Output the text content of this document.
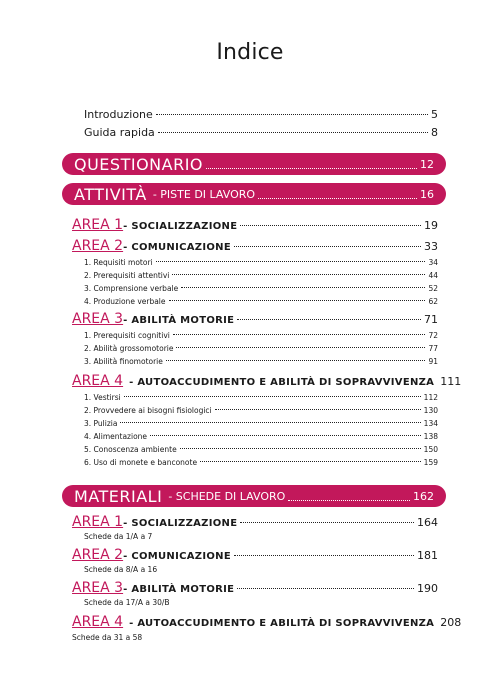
Indice
Introduzione	5
Guida rapida	8
QUESTIONARIO	12
ATTIVITÀ - PISTE DI LAVORO	16
AREA 1 - SOCIALIZZAZIONE	19
AREA 2 - COMUNICAZIONE	33
1. Requisiti motori	34
2. Prerequisiti attentivi	44
3. Comprensione verbale	52
4. Produzione verbale	62
AREA 3 - ABILITÀ MOTORIE	71
1. Prerequisiti cognitivi	72
2. Abilità grossomotorie	77
3. Abilità finomotorie	91
AREA 4 - AUTOACCUDIMENTO E ABILITÀ DI SOPRAVVIVENZA 111
1. Vestirsi	112
2. Provvedere ai bisogni fisiologici	130
3. Pulizia	134
4. Alimentazione	138
5. Conoscenza ambiente	150
6. Uso di monete e banconote	159
MATERIALI - SCHEDE DI LAVORO	162
AREA 1 - SOCIALIZZAZIONE	164
Schede da 1/A a 7
AREA 2 - COMUNICAZIONE	181
Schede da 8/A a 16
AREA 3 - ABILITÀ MOTORIE	190
Schede da 17/A a 30/B
AREA 4 - AUTOACCUDIMENTO E ABILITÀ DI SOPRAVVIVENZA 208
Schede da 31 a 58
